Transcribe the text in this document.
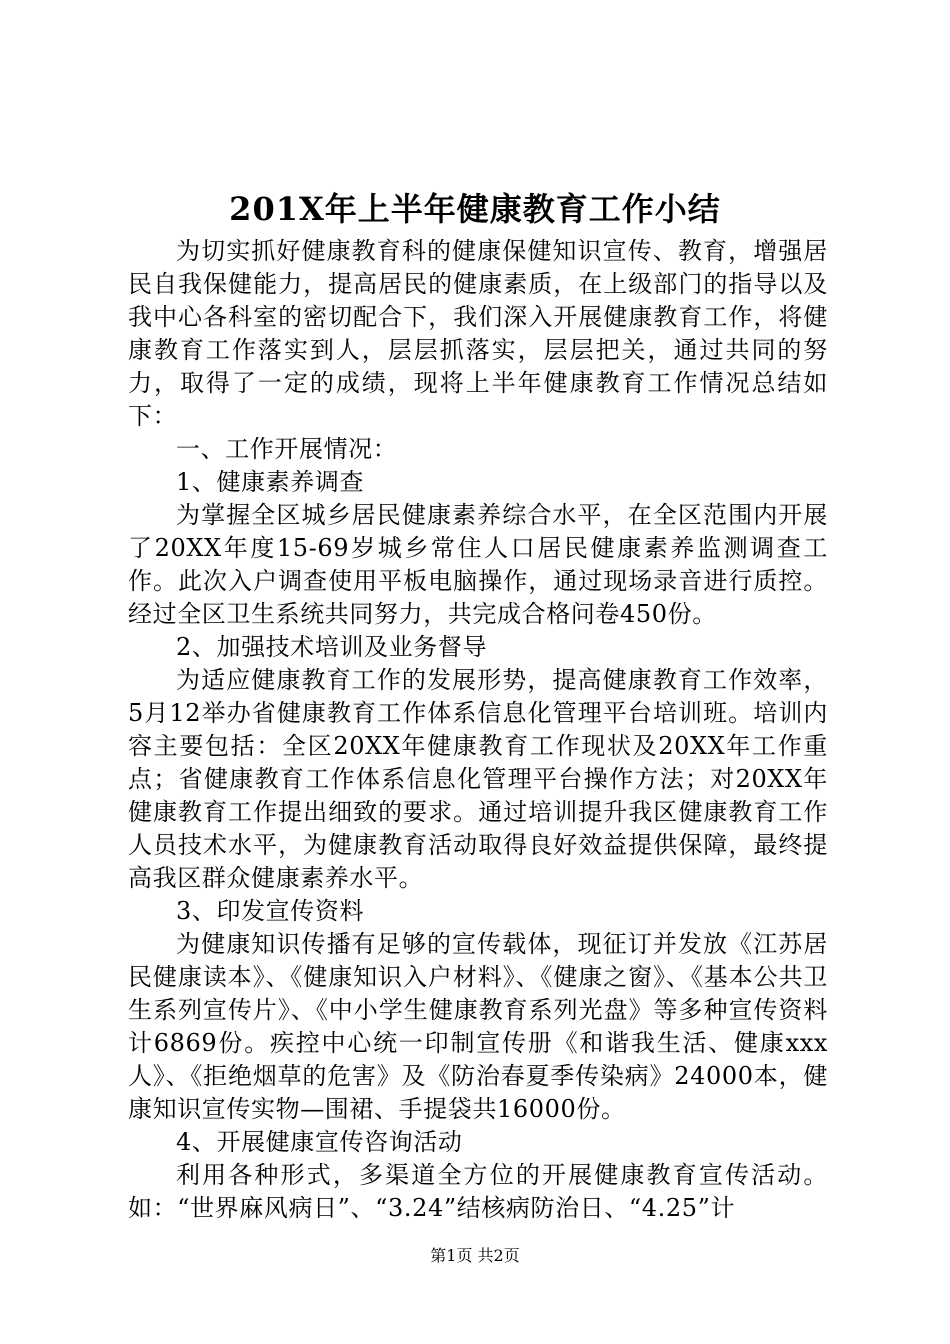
201X年上半年健康教育工作小结

为切实抓好健康教育科的健康保健知识宣传、教育，增强居民自我保健能力，提高居民的健康素质，在上级部门的指导以及我中心各科室的密切配合下，我们深入开展健康教育工作，将健康教育工作落实到人，层层抓落实，层层把关，通过共同的努力，取得了一定的成绩，现将上半年健康教育工作情况总结如下：

一、工作开展情况：

1、健康素养调查

为掌握全区城乡居民健康素养综合水平，在全区范围内开展了20XX年度15-69岁城乡常住人口居民健康素养监测调查工作。此次入户调查使用平板电脑操作，通过现场录音进行质控。经过全区卫生系统共同努力，共完成合格问卷450份。

2、加强技术培训及业务督导

为适应健康教育工作的发展形势，提高健康教育工作效率，5月12举办省健康教育工作体系信息化管理平台培训班。培训内容主要包括：全区20XX年健康教育工作现状及20XX年工作重点；省健康教育工作体系信息化管理平台操作方法；对20XX年健康教育工作提出细致的要求。通过培训提升我区健康教育工作人员技术水平，为健康教育活动取得良好效益提供保障，最终提高我区群众健康素养水平。

3、印发宣传资料

为健康知识传播有足够的宣传载体，现征订并发放《江苏居民健康读本》、《健康知识入户材料》、《健康之窗》、《基本公共卫生系列宣传片》、《中小学生健康教育系列光盘》等多种宣传资料计6869份。疾控中心统一印制宣传册《和谐我生活、健康xxx人》、《拒绝烟草的危害》及《防治春夏季传染病》24000本，健康知识宣传实物—围裙、手提袋共16000份。

4、开展健康宣传咨询活动

利用各种形式，多渠道全方位的开展健康教育宣传活动。如：“世界麻风病日”、“3.24”结核病防治日、“4.25”计

第1页 共2页
